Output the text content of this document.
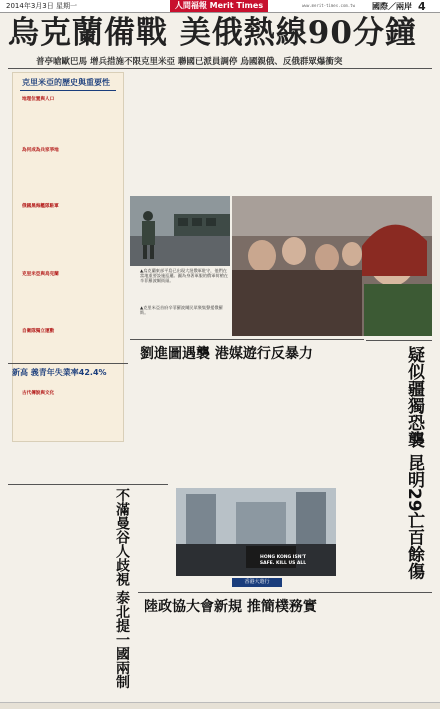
2014年3月3日 星期一	人間福報 Merit Times	www.merit-times.com.tw 國際／兩岸 4
烏克蘭備戰 美俄熱線90分鐘
普亭嗆歐巴馬 增兵措施不限克里米亞 聯國已派員調停 烏國親俄、反俄群眾爆衝突
克里米亞的歷史與重要性
地理位置與人口
為何成為兵家爭地
俄國黑海艦隊駐軍
克里米亞與烏克蘭
自衛隊獨立運動
古代傳說與文化
▲烏克蘭東部平島已出現大批俄軍駐守，他們在當地重要設施巡邏。圖為身著軍服的俄軍荷槍在辛菲羅波爾街頭。
▲克里米亞首府辛菲羅波爾民眾聚集聲援俄羅斯。
劉進圖遇襲 港媒遊行反暴力	疑似疆獨恐襲 昆明29亡百餘傷
新高 義青年失業率42.4%
不滿曼谷人歧視 泰北提一國兩制	HONG KONG ISN'T SAFE. KILL US ALL
香港大遊行
陸政協大會新規 推簡樸務實
